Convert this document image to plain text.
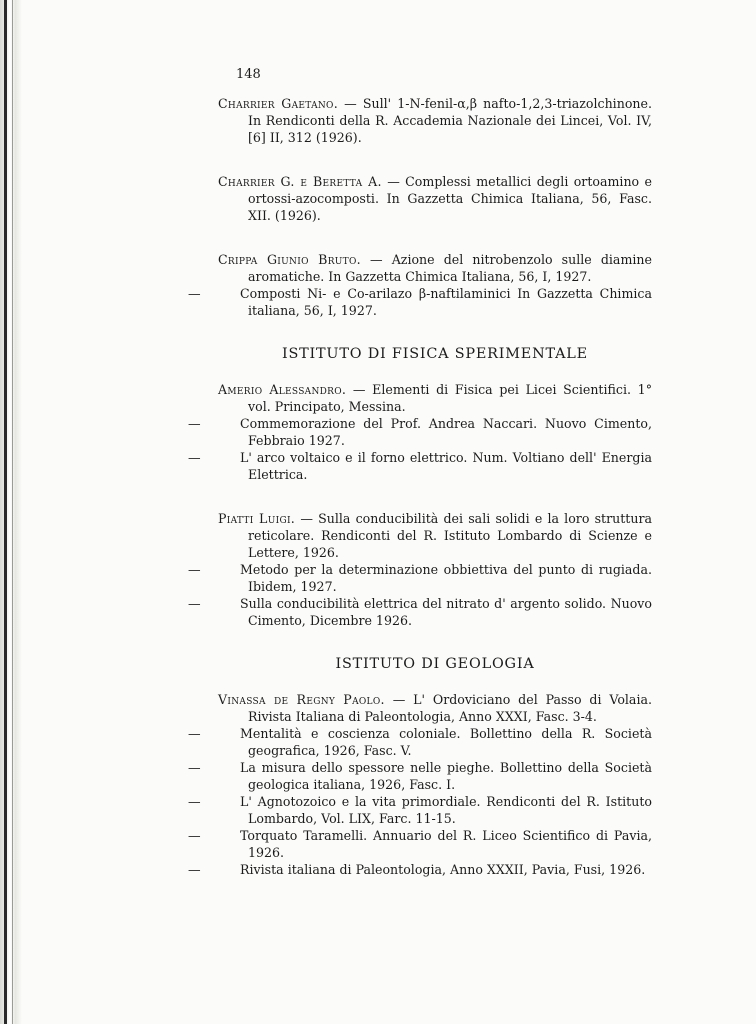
148
Charrier Gaetano. — Sull' 1-N-fenil-α,β nafto-1,2,3-triazolchinone. In Rendiconti della R. Accademia Nazionale dei Lincei, Vol. IV, [6] II, 312 (1926).
Charrier G. e Beretta A. — Complessi metallici degli ortoamino e ortossi-azocomposti. In Gazzetta Chimica Italiana, 56, Fasc. XII. (1926).
Crippa Giunio Bruto. — Azione del nitrobenzolo sulle diamine aromatiche. In Gazzetta Chimica Italiana, 56, I, 1927.
—	Composti Ni- e Co-arilazo β-naftilaminici In Gazzetta Chimica italiana, 56, I, 1927.
ISTITUTO DI FISICA SPERIMENTALE
Amerio Alessandro. — Elementi di Fisica pei Licei Scientifici. 1° vol. Principato, Messina.
—	Commemorazione del Prof. Andrea Naccari. Nuovo Cimento, Febbraio 1927.
—	L' arco voltaico e il forno elettrico. Num. Voltiano dell' Energia Elettrica.
Piatti Luigi. — Sulla conducibilità dei sali solidi e la loro struttura reticolare. Rendiconti del R. Istituto Lombardo di Scienze e Lettere, 1926.
—	Metodo per la determinazione obbiettiva del punto di rugiada. Ibidem, 1927.
—	Sulla conducibilità elettrica del nitrato d' argento solido. Nuovo Cimento, Dicembre 1926.
ISTITUTO DI GEOLOGIA
Vinassa de Regny Paolo. — L' Ordoviciano del Passo di Volaia. Rivista Italiana di Paleontologia, Anno XXXI, Fasc. 3-4.
—	Mentalità e coscienza coloniale. Bollettino della R. Società geografica, 1926, Fasc. V.
—	La misura dello spessore nelle pieghe. Bollettino della Società geologica italiana, 1926, Fasc. I.
—	L' Agnotozoico e la vita primordiale. Rendiconti del R. Istituto Lombardo, Vol. LIX, Farc. 11-15.
—	Torquato Taramelli. Annuario del R. Liceo Scientifico di Pavia, 1926.
—	Rivista italiana di Paleontologia, Anno XXXII, Pavia, Fusi, 1926.
